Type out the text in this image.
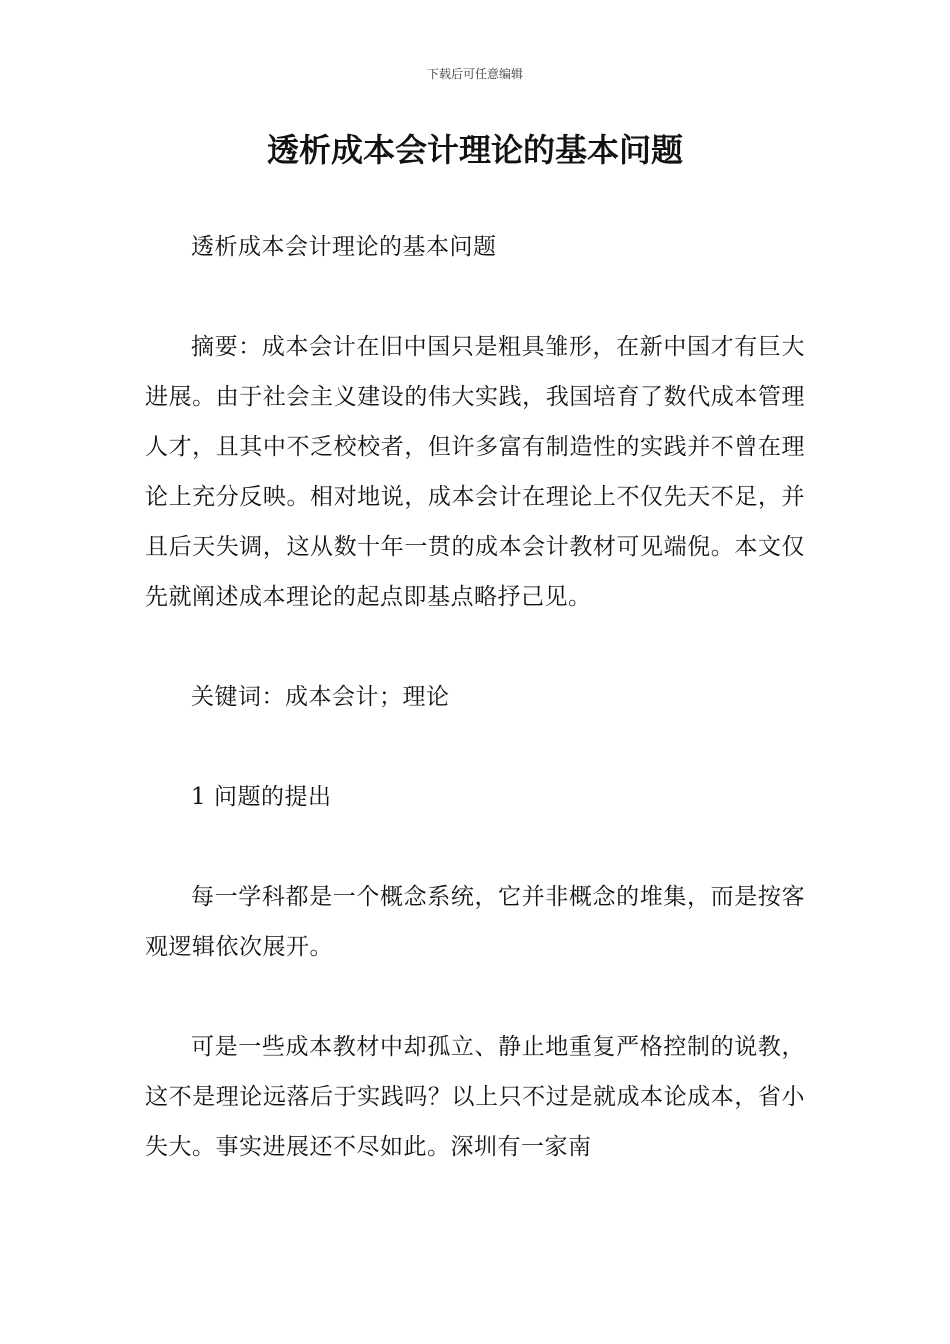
下载后可任意编辑
透析成本会计理论的基本问题

透析成本会计理论的基本问题

摘要：成本会计在旧中国只是粗具雏形，在新中国才有巨大进展。由于社会主义建设的伟大实践，我国培育了数代成本管理人才，且其中不乏校校者，但许多富有制造性的实践并不曾在理论上充分反映。相对地说，成本会计在理论上不仅先天不足，并且后天失调，这从数十年一贯的成本会计教材可见端倪。本文仅先就阐述成本理论的起点即基点略抒己见。

关键词：成本会计；理论

1 问题的提出

每一学科都是一个概念系统，它并非概念的堆集，而是按客观逻辑依次展开。

可是一些成本教材中却孤立、静止地重复严格控制的说教，这不是理论远落后于实践吗？以上只不过是就成本论成本，省小失大。事实进展还不尽如此。深圳有一家南
